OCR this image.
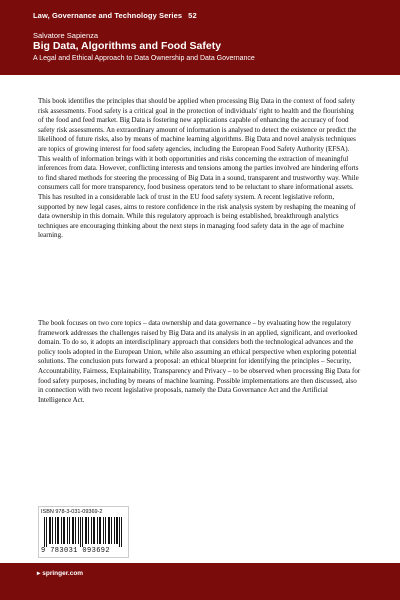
Law, Governance and Technology Series 52
Salvatore Sapienza
Big Data, Algorithms and Food Safety
A Legal and Ethical Approach to Data Ownership and Data Governance
This book identifies the principles that should be applied when processing Big Data in the context of food safety risk assessments. Food safety is a critical goal in the protection of individuals' right to health and the flourishing of the food and feed market. Big Data is fostering new applications capable of enhancing the accuracy of food safety risk assessments. An extraordinary amount of information is analysed to detect the existence or predict the likelihood of future risks, also by means of machine learning algorithms. Big Data and novel analysis techniques are topics of growing interest for food safety agencies, including the European Food Safety Authority (EFSA). This wealth of information brings with it both opportunities and risks concerning the extraction of meaningful inferences from data. However, conflicting interests and tensions among the parties involved are hindering efforts to find shared methods for steering the processing of Big Data in a sound, transparent and trustworthy way. While consumers call for more transparency, food business operators tend to be reluctant to share informational assets. This has resulted in a considerable lack of trust in the EU food safety system. A recent legislative reform, supported by new legal cases, aims to restore confidence in the risk analysis system by reshaping the meaning of data ownership in this domain. While this regulatory approach is being established, breakthrough analytics techniques are encouraging thinking about the next steps in managing food safety data in the age of machine learning.
The book focuses on two core topics – data ownership and data governance – by evaluating how the regulatory framework addresses the challenges raised by Big Data and its analysis in an applied, significant, and overlooked domain. To do so, it adopts an interdisciplinary approach that considers both the technological advances and the policy tools adopted in the European Union, while also assuming an ethical perspective when exploring potential solutions. The conclusion puts forward a proposal: an ethical blueprint for identifying the principles – Security, Accountability, Fairness, Explainability, Transparency and Privacy – to be observed when processing Big Data for food safety purposes, including by means of machine learning. Possible implementations are then discussed, also in connection with two recent legislative proposals, namely the Data Governance Act and the Artificial Intelligence Act.
ISBN 978-3-031-09369-2
9 783031 093692
▸ springer.com
